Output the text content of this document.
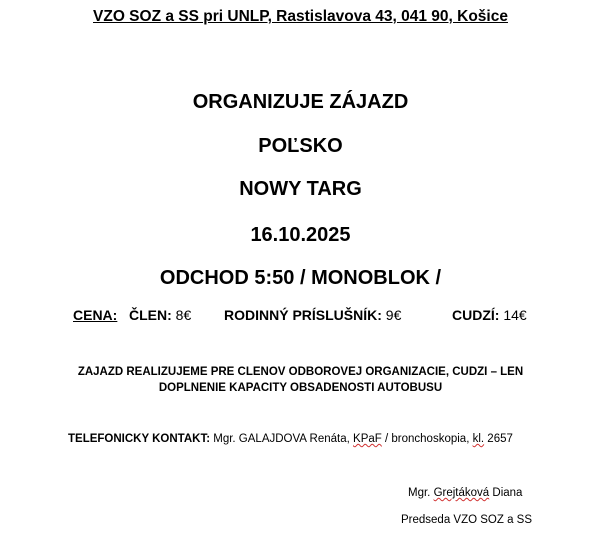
VZO SOZ a SS pri UNLP, Rastislavova 43, 041 90, Košice
ORGANIZUJE ZÁJAZD
POĽSKO
NOWY TARG
16.10.2025
ODCHOD 5:50 / MONOBLOK /
CENA: ČLEN: 8€ RODINNÝ PRÍSLUŠNÍK: 9€	CUDZÍ: 14€
ZAJAZD REALIZUJEME PRE CLENOV ODBOROVEJ ORGANIZACIE, CUDZI – LEN
DOPLNENIE KAPACITY OBSADENOSTI AUTOBUSU
TELEFONICKY KONTAKT: Mgr. GALAJDOVA Renáta, KPaF / bronchoskopia, kl. 2657
Mgr. Grejtáková Diana
Predseda VZO SOZ a SS
